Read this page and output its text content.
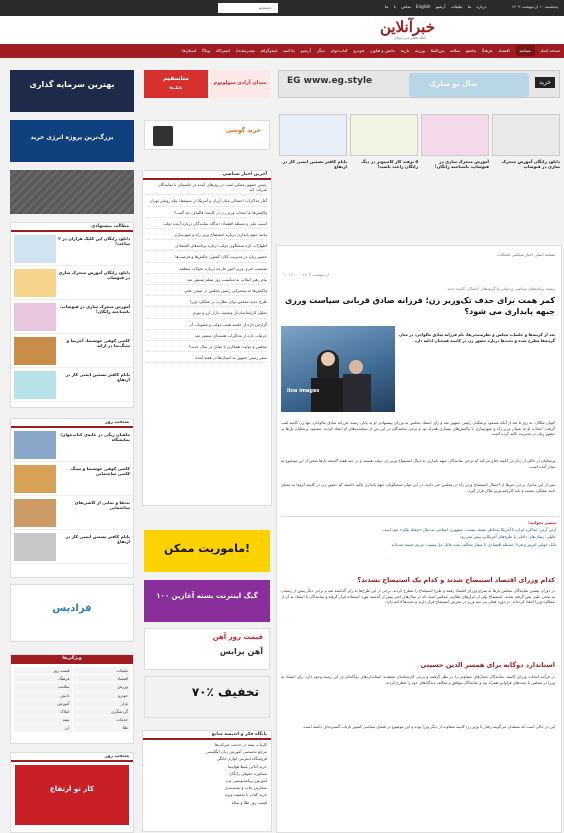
جستجو...	تماس با ما English درباره ما تبلیغات آرشیو	پنجشنبه ۱۰ اردیبهشت ۱۴۰۳
خبرآنلاین
پایگاه تحلیلی خبری ایرانی
صفحه اصلیسیاستاقتصادفرهنگجامعهسلامتبین‌المللورزشتاریخدانش و فناوریخودروکتاب‌خوانیدیگرآرشیوپادکستاینفوگرافیچندرسانه‌ایاشتراکاتوبلاگاستان‌ها
EG www.eg.style	سال نو مبارک	خرید
دانلود رایگان آموزش متحرک سازی در فتوشاپ
آموزش متحرک سازی در فتوشاپ، ناشناخته رایگان!
۵ ترفند کار کامپیوتر در دیگ رایگان راحت باشید!
باتام کافتر تضمین ایمنی کار در ارتفاع
صفحه اصلی اخبار سیاسی انتخابات
۱۰ اردیبهشت ۱۴۰۳ - ۱۲:۰۰
پیشنه برنامه‌های سیاسی و دولتی با گزینه‌های احتمالی کابینه جدید
کمر همت برای حذف تک‌وزیر زن؛ فرزانه صادق قربانی سیاست ورزی جبهه پایداری می شود؟
ilna images
بعد از گزینه‌ها و جلسات مجلس و نظرسنجی‌ها، نام فرزانه صادق مالواجرد در میان گزینه‌ها مطرح شده و بحث‌ها درباره حضور زن در کابینه همچنان ادامه دارد.
کیوان ملکان: نه روز ۵ بعد از آنکه مسعود پزشکیان رئیس جمهور شد و رای اعتماد مجلس به وزرای پیشنهادی او به پایان رسید، فرزانه صادق مالواجرد تنها زن کابینه لقب گرفت. انتخاب او به عنوان وزیر راه و شهرسازی با واکنش‌های بسیاری همراه بود و برخی نمایندگان در این بین از سیاست‌های او انتقاد کردند. مسعود پزشکیان بارها بر حضور زنان در مدیریت تاکید کرده است.
پزشکیان در حالی از زنان در کابینه دفاع می‌کند که برخی نمایندگان جبهه پایداری به دنبال استیضاح وزیر زن دولت هستند و در چند هفته گذشته بارها سخن از این موضوع به میان آمده است.
پس از این ماجرا، برخی خبرها از احتمال استیضاح وزیر راه در مجلس خبر دادند. در این میان سخنگویان جبهه پایداری تاکید داشتند که حضور زن در کابینه لزوما به معنای تایید عملکرد نیست و باید کارنامه وزیر ملاک قرار گیرد.
بیشتر بخوانید:
آرتی آرتی: مذاکره ایران با آمریکا به‌خاطر ضعف نیست؛ جمهوری اسلامی به‌دنبال «حفظ بقای» خود است
جلیلی: پیمان‌های داخلی با طرح‌های آمریکایی پیش نمی‌رود
بانک جهانی امروز و فردا: مسئله اقتصادی با شعار مخالف بحث قابل حل نیست؛ مردم خسته شده‌اند
کدام وزرای اقتصاد استیضاح شدند و کدام یک استیضاح نشدند؟
در دوران پیشین نمایندگان مجلس بارها به سراغ وزرای اقتصاد رفتند و طرح استیضاح را مطرح کردند. برخی از این طرح‌ها به رای گذاشته شد و برخی دیگر پیش از رسیدن به صحن علنی پس گرفته شدند. استیضاح یکی از ابزارهای نظارتی مجلس است که در سال‌های اخیر بیش از گذشته مورد استفاده قرار گرفته و نمایندگان با استناد به آن از عملکرد وزرا انتقاد کرده‌اند. در دوره فعلی نیز چند وزیر در معرض استیضاح قرار دارند و بحث‌ها ادامه دارد.
استاندارد دوگانه برای همسر الدین حسینی
در فرآیند انتخاب وزرای کابینه، نمایندگان معیارهای متفاوتی را در نظر گرفتند و برخی کارشناسان معتقدند استانداردهای دوگانه‌ای در این زمینه وجود دارد. رای اعتماد به وزرا در مجلس با بحث‌های فراوانی همراه بود و نمایندگان موافق و مخالف دیدگاه‌های خود را مطرح کردند.
این در حالی است که منتقدان می‌گویند رفتار با وزیر زن کابینه متفاوت از دیگر وزرا بوده و این موضوع در فضای سیاسی کشور بازتاب گسترده‌ای داشته است.
متاسفیم
بانک‌ها
میدان آزادی سولوتوم
خرید گوشی
آخرین اخبار سیاسی
رئیس جمهور ممکن است در روزهای آینده در جلسه‌ای با نمایندگان شرکت کند
آغاز مذاکرات احتمالی میان ایران و آمریکا در مسقط؛ پیام روشن تهران
واکنش‌ها به انتخاب وزیر زن در کابینه؛ قالیباف چه گفت؟
امنیت ملی و مسئله اقتصاد؛ دیدگاه نمایندگان درباره آینده دولت
بیانیه جبهه پایداری درباره استیضاح وزیر راه و شهرسازی
اظهارات تازه سخنگوی دولت درباره برنامه‌های اقتصادی
حضور زنان در مدیریت کلان کشور؛ چالش‌ها و فرصت‌ها
نشست خبری وزیر امور خارجه درباره تحولات منطقه
پیام رهبر انقلاب به مناسبت روز معلم منتشر شد
واکنش‌ها به سخنرانی رئیس مجلس در صحن علنی
طرح جدید مجلس برای نظارت بر عملکرد وزرا
تحلیل کارشناسان از وضعیت بازار ارز و تورم
گزارش تازه از جلسه هیئت دولت و مصوبات آن
جزئیات تازه از مذاکرات هسته‌ای منتشر شد
مجلس و دولت؛ همکاری یا تقابل در سال جدید؟
سفر رئیس جمهور به استان‌ها در هفته آینده
ماموریت ممکن!
۱۰۰ گیگ اینترنت بسته آغازین
قیمت روز آهن
آهن پرایس
۷۰٪ تخفیف
پایگاه فکر و اندیشه منابع
کاریاب بیمه در خدمت شرکت‌ها
مرجع تخصصی آموزش زبان انگلیسی
فروشگاه اینترنتی لوازم خانگی
خرید آنلاین بلیط هواپیما
مشاوره حقوقی رایگان
آموزش برنامه‌نویسی وب
سفارش چاپ و بسته‌بندی
خرید کتاب با تخفیف ویژه
قیمت روز طلا و سکه
بهترین سرمایه گذاری
بزرگ‌ترین پروژه انرژی خرید
مطالب پیشنهادی
دانلود رایگان این کلیک هزاران در ۲ ساعت!
دانلود رایگان آموزش متحرک سازی در فتوشاپ
آموزش متحرک سازی در فتوشاپ، ناشناخته رایگان!
کاشی کوهی خوشنما، آجرنما و سنگ‌نما در ارائه
باتام کافتر تضمین ایمنی کار در ارتفاع
منتخب روز
ماهیان رنگی در خانه‌ی کتاب‌خوان؛ نمایشگاه
کاشی کوهی خوشنما و سنگ کاشی ساختمانی
نت‌ها و نمایی از کاشی‌های ساختمانی
باتام کافتر تضمین ایمنی کار در ارتفاع
فرادیس
ویژگی‌ها
تبلیغات
قیمت روز
اقتصاد
فرهنگ
ورزش
سلامت
خودرو
دانش
بازار
آموزش
گردشگری
املاک
خدمات
بیمه
طلا
ارز
منتخب روز
کار تو ارتفاع
